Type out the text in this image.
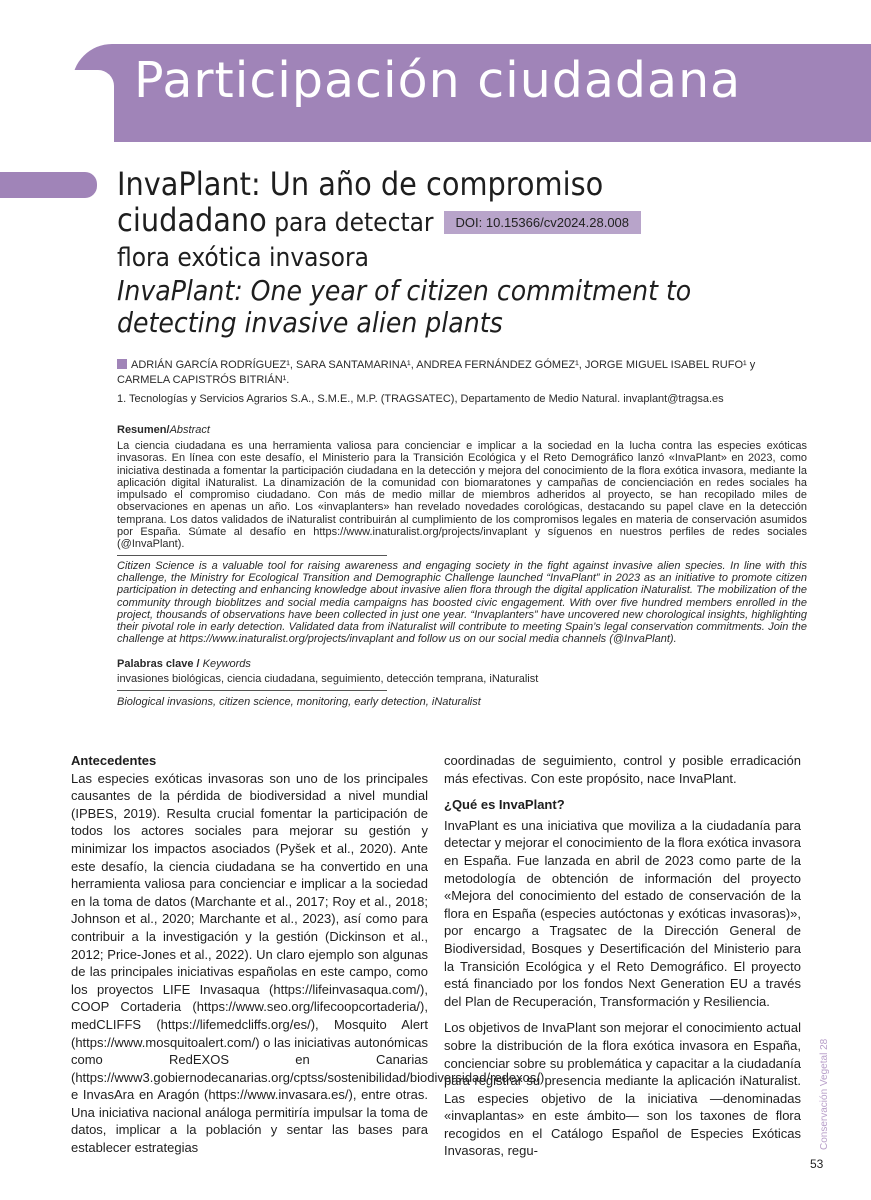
Participación ciudadana
InvaPlant: Un año de compromiso
ciudadano para detectar DOI: 10.15366/cv2024.28.008
flora exótica invasora
InvaPlant: One year of citizen commitment to
detecting invasive alien plants
ADRIÁN GARCÍA RODRÍGUEZ¹, SARA SANTAMARINA¹, ANDREA FERNÁNDEZ GÓMEZ¹, JORGE MIGUEL ISABEL RUFO¹ y CARMELA CAPISTRÓS BITRIÁN¹.
1. Tecnologías y Servicios Agrarios S.A., S.M.E., M.P. (TRAGSATEC), Departamento de Medio Natural. invaplant@tragsa.es
Resumen/Abstract

La ciencia ciudadana es una herramienta valiosa para concienciar e implicar a la sociedad en la lucha contra las especies exóticas invasoras. En línea con este desafío, el Ministerio para la Transición Ecológica y el Reto Demográfico lanzó «InvaPlant» en 2023, como iniciativa destinada a fomentar la participación ciudadana en la detección y mejora del conocimiento de la flora exótica invasora, mediante la aplicación digital iNaturalist. La dinamización de la comunidad con biomaratones y campañas de concienciación en redes sociales ha impulsado el compromiso ciudadano. Con más de medio millar de miembros adheridos al proyecto, se han recopilado miles de observaciones en apenas un año. Los «invaplanters» han revelado novedades corológicas, destacando su papel clave en la detección temprana. Los datos validados de iNaturalist contribuirán al cumplimiento de los compromisos legales en materia de conservación asumidos por España. Súmate al desafío en https://www.inaturalist.org/projects/invaplant y síguenos en nuestros perfiles de redes sociales (@InvaPlant).

Citizen Science is a valuable tool for raising awareness and engaging society in the fight against invasive alien species. In line with this challenge, the Ministry for Ecological Transition and Demographic Challenge launched “InvaPlant” in 2023 as an initiative to promote citizen participation in detecting and enhancing knowledge about invasive alien flora through the digital application iNaturalist. The mobilization of the community through bioblitzes and social media campaigns has boosted civic engagement. With over five hundred members enrolled in the project, thousands of observations have been collected in just one year. “Invaplanters” have uncovered new chorological insights, highlighting their pivotal role in early detection. Validated data from iNaturalist will contribute to meeting Spain’s legal conservation commitments. Join the challenge at https://www.inaturalist.org/projects/invaplant and follow us on our social media channels (@InvaPlant).

Palabras clave / Keywords

invasiones biológicas, ciencia ciudadana, seguimiento, detección temprana, iNaturalist

Biological invasions, citizen science, monitoring, early detection, iNaturalist

Antecedentes

Las especies exóticas invasoras son uno de los principales causantes de la pérdida de biodiversidad a nivel mundial (IPBES, 2019). Resulta crucial fomentar la participación de todos los actores sociales para mejorar su gestión y minimizar los impactos asociados (Pyšek et al., 2020). Ante este desafío, la ciencia ciudadana se ha convertido en una herramienta valiosa para concienciar e implicar a la sociedad en la toma de datos (Marchante et al., 2017; Roy et al., 2018; Johnson et al., 2020; Marchante et al., 2023), así como para contribuir a la investigación y la gestión (Dickinson et al., 2012; Price-Jones et al., 2022). Un claro ejemplo son algunas de las principales iniciativas españolas en este campo, como los proyectos LIFE Invasaqua (https://lifeinvasaqua.com/), COOP Cortaderia (https://www.seo.org/lifecoopcortaderia/), medCLIFFS (https://lifemedcliffs.org/es/), Mosquito Alert (https://www.mosquitoalert.com/) o las iniciativas autonómicas como RedEXOS en Canarias (https://www3.gobiernodecanarias.org/cptss/sostenibilidad/biodiversidad/redexos/) e InvasAra en Aragón (https://www.invasara.es/), entre otras. Una iniciativa nacional análoga permitiría impulsar la toma de datos, implicar a la población y sentar las bases para establecer estrategias

coordinadas de seguimiento, control y posible erradicación más efectivas. Con este propósito, nace InvaPlant.

¿Qué es InvaPlant?

InvaPlant es una iniciativa que moviliza a la ciudadanía para detectar y mejorar el conocimiento de la flora exótica invasora en España. Fue lanzada en abril de 2023 como parte de la metodología de obtención de información del proyecto «Mejora del conocimiento del estado de conservación de la flora en España (especies autóctonas y exóticas invasoras)», por encargo a Tragsatec de la Dirección General de Biodiversidad, Bosques y Desertificación del Ministerio para la Transición Ecológica y el Reto Demográfico. El proyecto está financiado por los fondos Next Generation EU a través del Plan de Recuperación, Transformación y Resiliencia.

Los objetivos de InvaPlant son mejorar el conocimiento actual sobre la distribución de la flora exótica invasora en España, concienciar sobre su problemática y capacitar a la ciudadanía para registrar su presencia mediante la aplicación iNaturalist. Las especies objetivo de la iniciativa —denominadas «invaplantas» en este ámbito— son los taxones de flora recogidos en el Catálogo Español de Especies Exóticas Invasoras, regu-

Conservación Vegetal 28
53
